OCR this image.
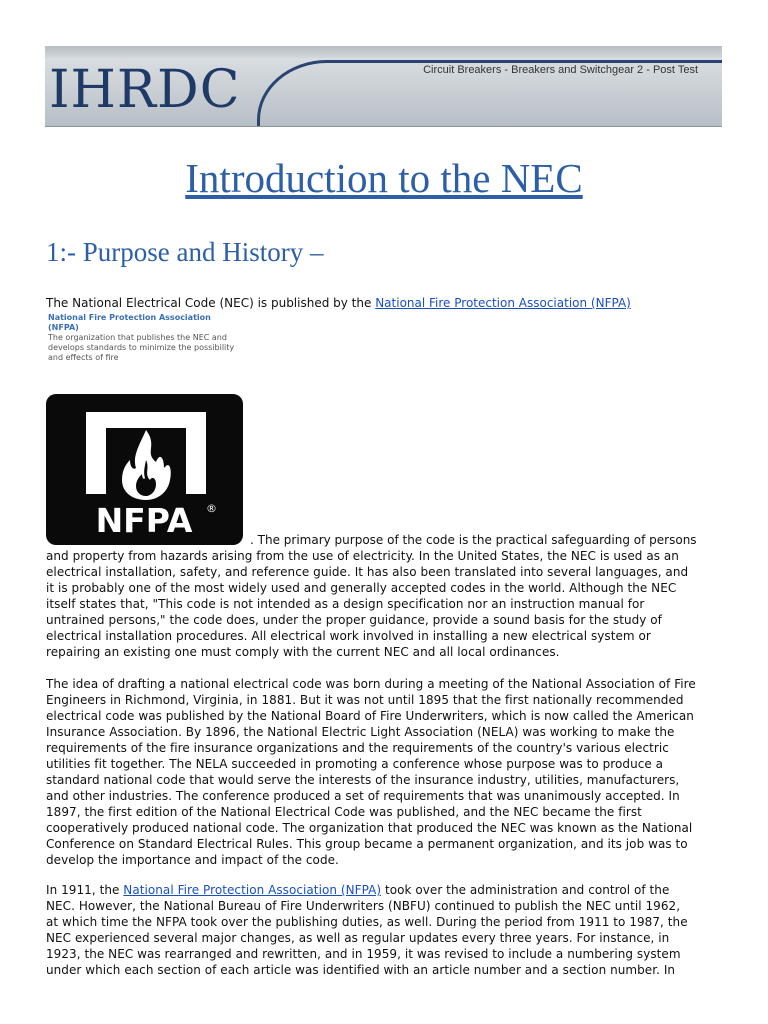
IHRDC	Circuit Breakers - Breakers and Switchgear 2 - Post Test
Introduction to the NEC
1:- Purpose and History –
The National Electrical Code (NEC) is published by the National Fire Protection Association (NFPA)
National Fire Protection Association (NFPA)
The organization that publishes the NEC and
develops standards to minimize the possibility
and effects of fire
NFPA ®
. The primary purpose of the code is the practical safeguarding of persons
and property from hazards arising from the use of electricity. In the United States, the NEC is used as an
electrical installation, safety, and reference guide. It has also been translated into several languages, and
it is probably one of the most widely used and generally accepted codes in the world. Although the NEC
itself states that, "This code is not intended as a design specification nor an instruction manual for
untrained persons," the code does, under the proper guidance, provide a sound basis for the study of
electrical installation procedures. All electrical work involved in installing a new electrical system or
repairing an existing one must comply with the current NEC and all local ordinances.
The idea of drafting a national electrical code was born during a meeting of the National Association of Fire
Engineers in Richmond, Virginia, in 1881. But it was not until 1895 that the first nationally recommended
electrical code was published by the National Board of Fire Underwriters, which is now called the American
Insurance Association. By 1896, the National Electric Light Association (NELA) was working to make the
requirements of the fire insurance organizations and the requirements of the country's various electric
utilities fit together. The NELA succeeded in promoting a conference whose purpose was to produce a
standard national code that would serve the interests of the insurance industry, utilities, manufacturers,
and other industries. The conference produced a set of requirements that was unanimously accepted. In
1897, the first edition of the National Electrical Code was published, and the NEC became the first
cooperatively produced national code. The organization that produced the NEC was known as the National
Conference on Standard Electrical Rules. This group became a permanent organization, and its job was to
develop the importance and impact of the code.
In 1911, the National Fire Protection Association (NFPA) took over the administration and control of the
NEC. However, the National Bureau of Fire Underwriters (NBFU) continued to publish the NEC until 1962,
at which time the NFPA took over the publishing duties, as well. During the period from 1911 to 1987, the
NEC experienced several major changes, as well as regular updates every three years. For instance, in
1923, the NEC was rearranged and rewritten, and in 1959, it was revised to include a numbering system
under which each section of each article was identified with an article number and a section number. In
